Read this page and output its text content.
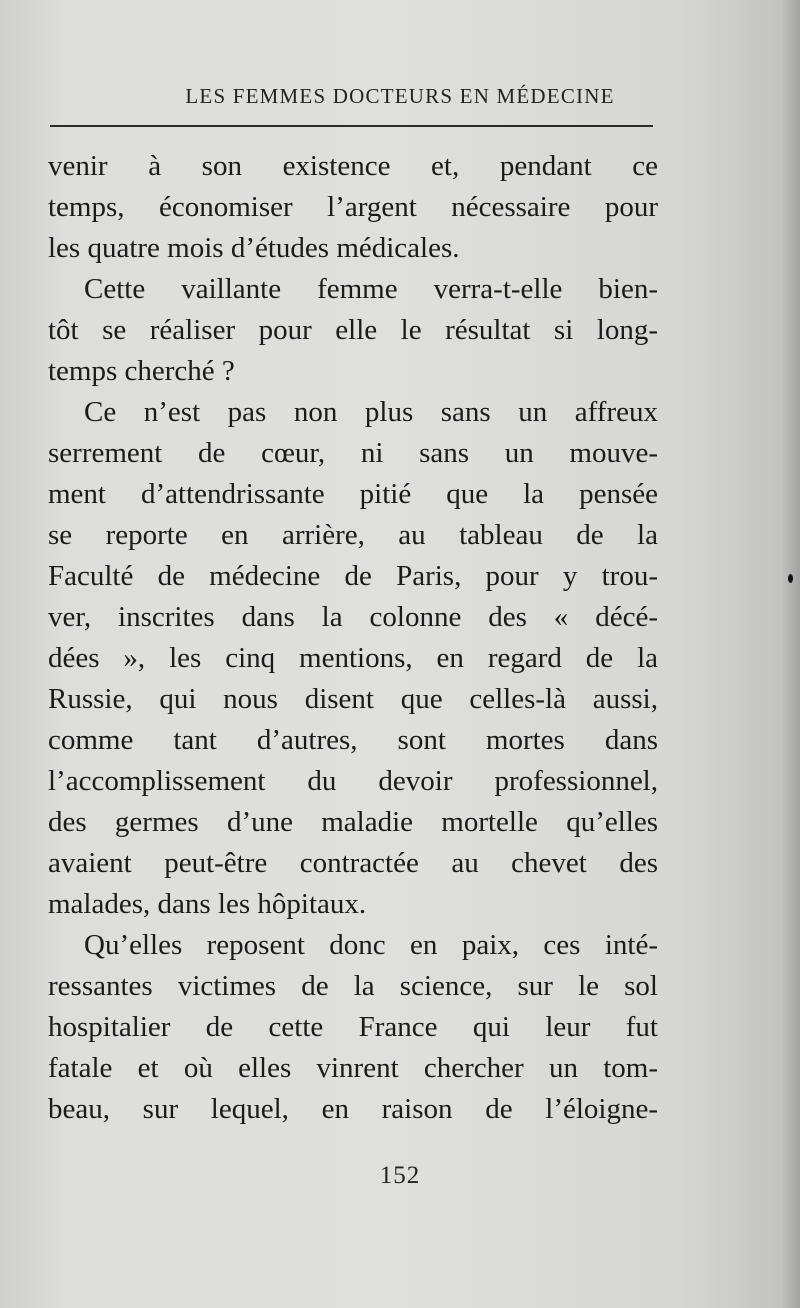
LES FEMMES DOCTEURS EN MÉDECINE
venir à son existence et, pendant ce
temps, économiser l’argent nécessaire pour
les quatre mois d’études médicales.
Cette vaillante femme verra-t-elle bien-
tôt se réaliser pour elle le résultat si long-
temps cherché ?
Ce n’est pas non plus sans un affreux
serrement de cœur, ni sans un mouve-
ment d’attendrissante pitié que la pensée
se reporte en arrière, au tableau de la
Faculté de médecine de Paris, pour y trou-
ver, inscrites dans la colonne des « décé-
dées », les cinq mentions, en regard de la
Russie, qui nous disent que celles-là aussi,
comme tant d’autres, sont mortes dans
l’accomplissement du devoir professionnel,
des germes d’une maladie mortelle qu’elles
avaient peut-être contractée au chevet des
malades, dans les hôpitaux.
Qu’elles reposent donc en paix, ces inté-
ressantes victimes de la science, sur le sol
hospitalier de cette France qui leur fut
fatale et où elles vinrent chercher un tom-
beau, sur lequel, en raison de l’éloigne-
152
